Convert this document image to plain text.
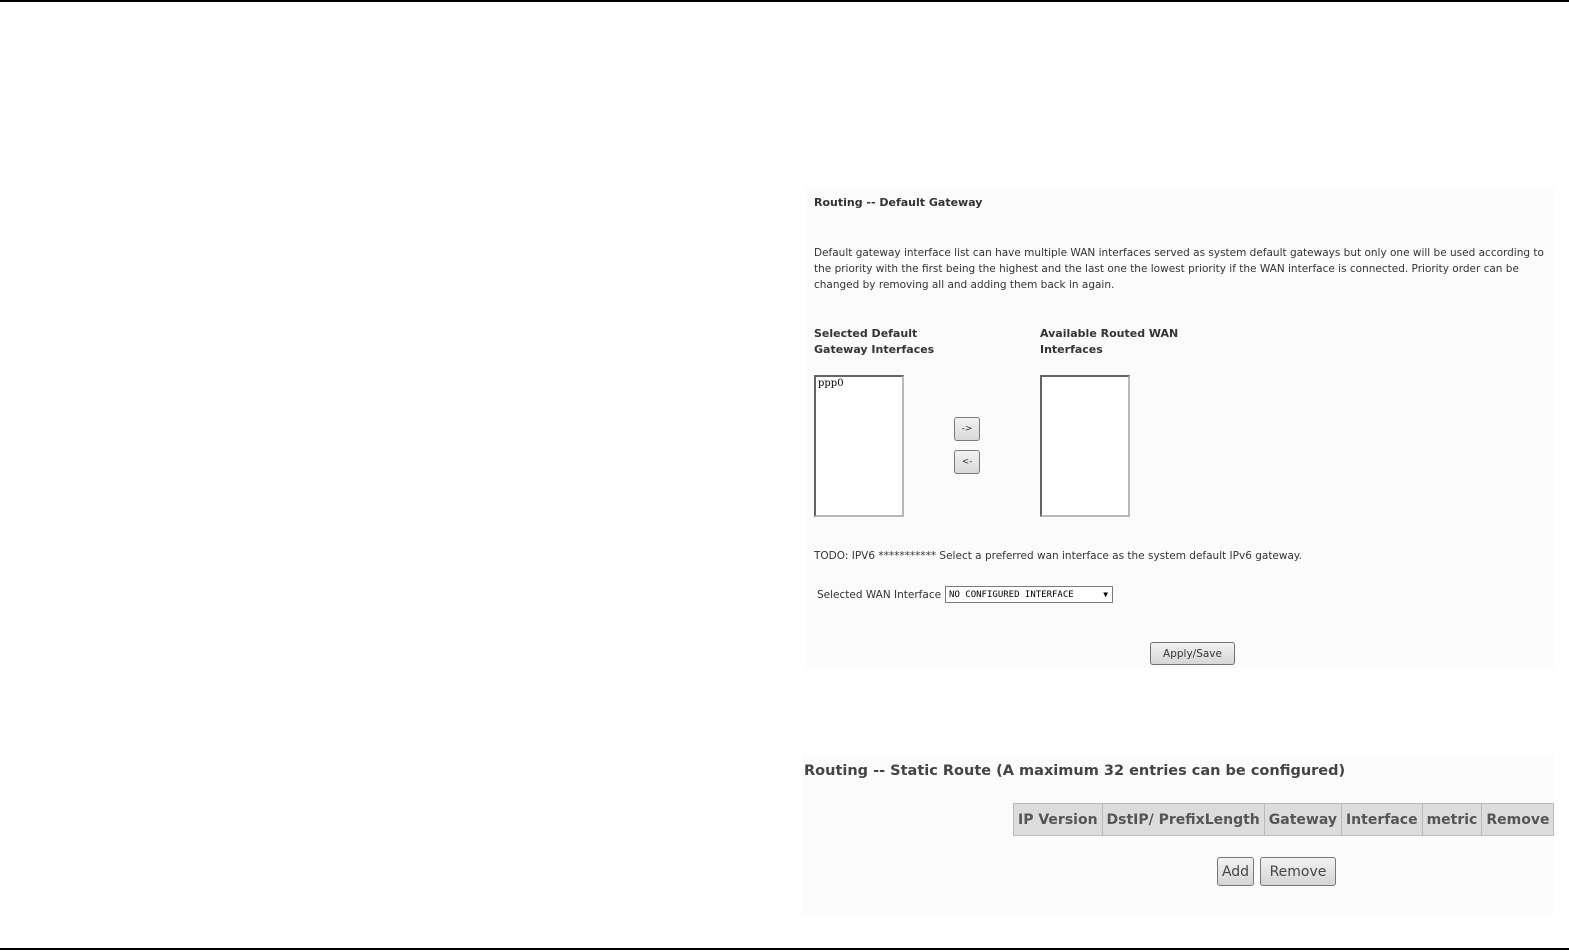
Routing -- Default Gateway
Default gateway interface list can have multiple WAN interfaces served as system default gateways but only one will be used according to the priority with the first being the highest and the last one the lowest priority if the WAN interface is connected. Priority order can be changed by removing all and adding them back in again.
Selected Default Gateway Interfaces
Available Routed WAN Interfaces
ppp0
->
<-
TODO: IPV6 *********** Select a preferred wan interface as the system default IPv6 gateway.
Selected WAN Interface NO CONFIGURED INTERFACE	▼
Apply/Save
Routing -- Static Route (A maximum 32 entries can be configured)
IP Version	DstIP/ PrefixLength	Gateway	Interface	metric	Remove
Add	Remove
